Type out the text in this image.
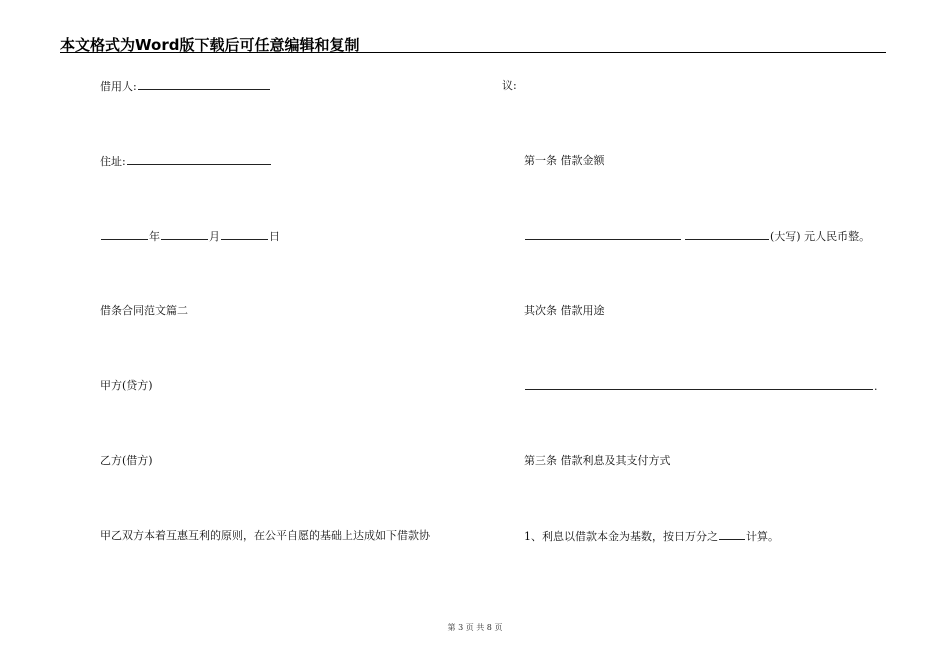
本文格式为Word版下载后可任意编辑和复制
借用人:
住址:
年	月	日
借条合同范文篇二
甲方(贷方)
乙方(借方)
甲乙双方本着互惠互利的原则，在公平自愿的基础上达成如下借款协
议:
第一条 借款金额
(大写) 元人民币整。
其次条 借款用途
.
第三条 借款利息及其支付方式
1、利息以借款本金为基数，按日万分之	计算。
第 3 页 共 8 页
